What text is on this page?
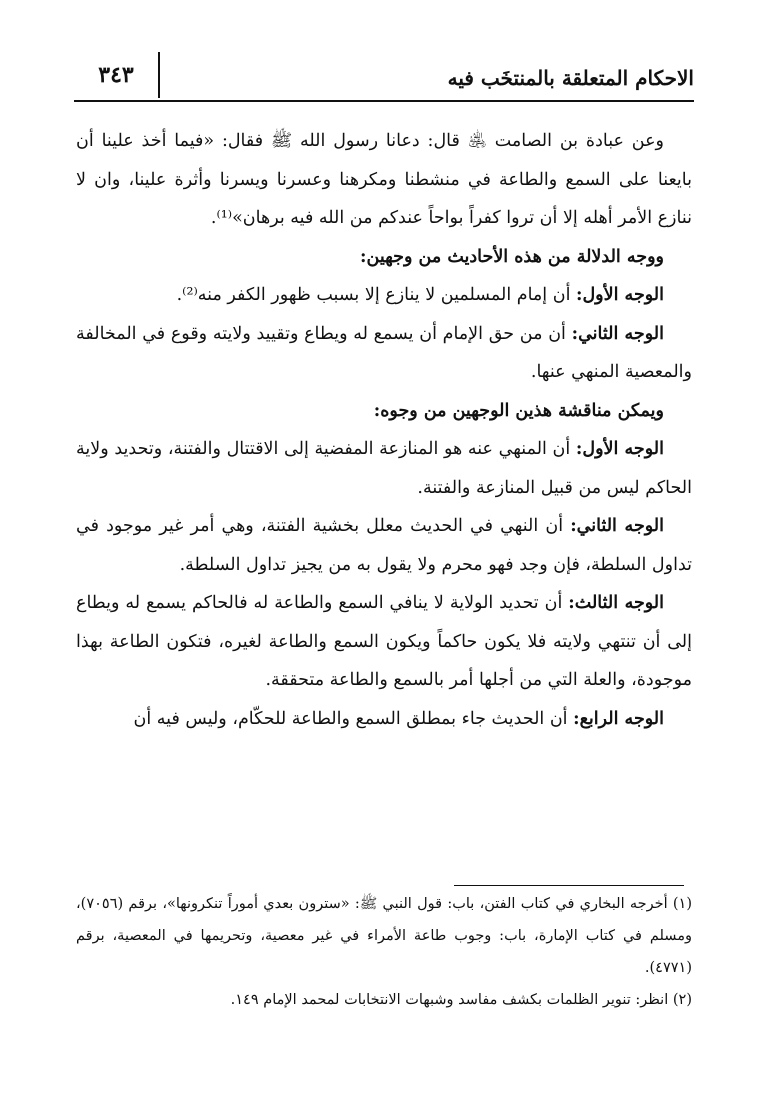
الاحكام المتعلقة بالمنتخَب فيه
٣٤٣

وعن عبادة بن الصامت ﵁ قال: دعانا رسول الله ﷺ فقال: «فيما أخذ علينا أن بايعنا على السمع والطاعة في منشطنا ومكرهنا وعسرنا ويسرنا وأثرة علينا، وان لا ننازع الأمر أهله إلا أن تروا كفراً بواحاً عندكم من الله فيه برهان»⁽¹⁾.

ووجه الدلالة من هذه الأحاديث من وجهين:

الوجه الأول: أن إمام المسلمين لا ينازع إلا بسبب ظهور الكفر منه⁽²⁾.

الوجه الثاني: أن من حق الإمام أن يسمع له ويطاع وتقييد ولايته وقوع في المخالفة والمعصية المنهي عنها.

ويمكن مناقشة هذين الوجهين من وجوه:

الوجه الأول: أن المنهي عنه هو المنازعة المفضية إلى الاقتتال والفتنة، وتحديد ولاية الحاكم ليس من قبيل المنازعة والفتنة.

الوجه الثاني: أن النهي في الحديث معلل بخشية الفتنة، وهي أمر غير موجود في تداول السلطة، فإن وجد فهو محرم ولا يقول به من يجيز تداول السلطة.

الوجه الثالث: أن تحديد الولاية لا ينافي السمع والطاعة له فالحاكم يسمع له ويطاع إلى أن تنتهي ولايته فلا يكون حاكماً ويكون السمع والطاعة لغيره، فتكون الطاعة بهذا موجودة، والعلة التي من أجلها أمر بالسمع والطاعة متحققة.

الوجه الرابع: أن الحديث جاء بمطلق السمع والطاعة للحكّام، وليس فيه أن

(١) أخرجه البخاري في كتاب الفتن، باب: قول النبي ﷺ: «سترون بعدي أموراً تنكرونها»، برقم (٧٠٥٦)، ومسلم في كتاب الإمارة، باب: وجوب طاعة الأمراء في غير معصية، وتحريمها في المعصية، برقم (٤٧٧١).

(٢) انظر: تنوير الظلمات بكشف مفاسد وشبهات الانتخابات لمحمد الإمام ١٤٩.
